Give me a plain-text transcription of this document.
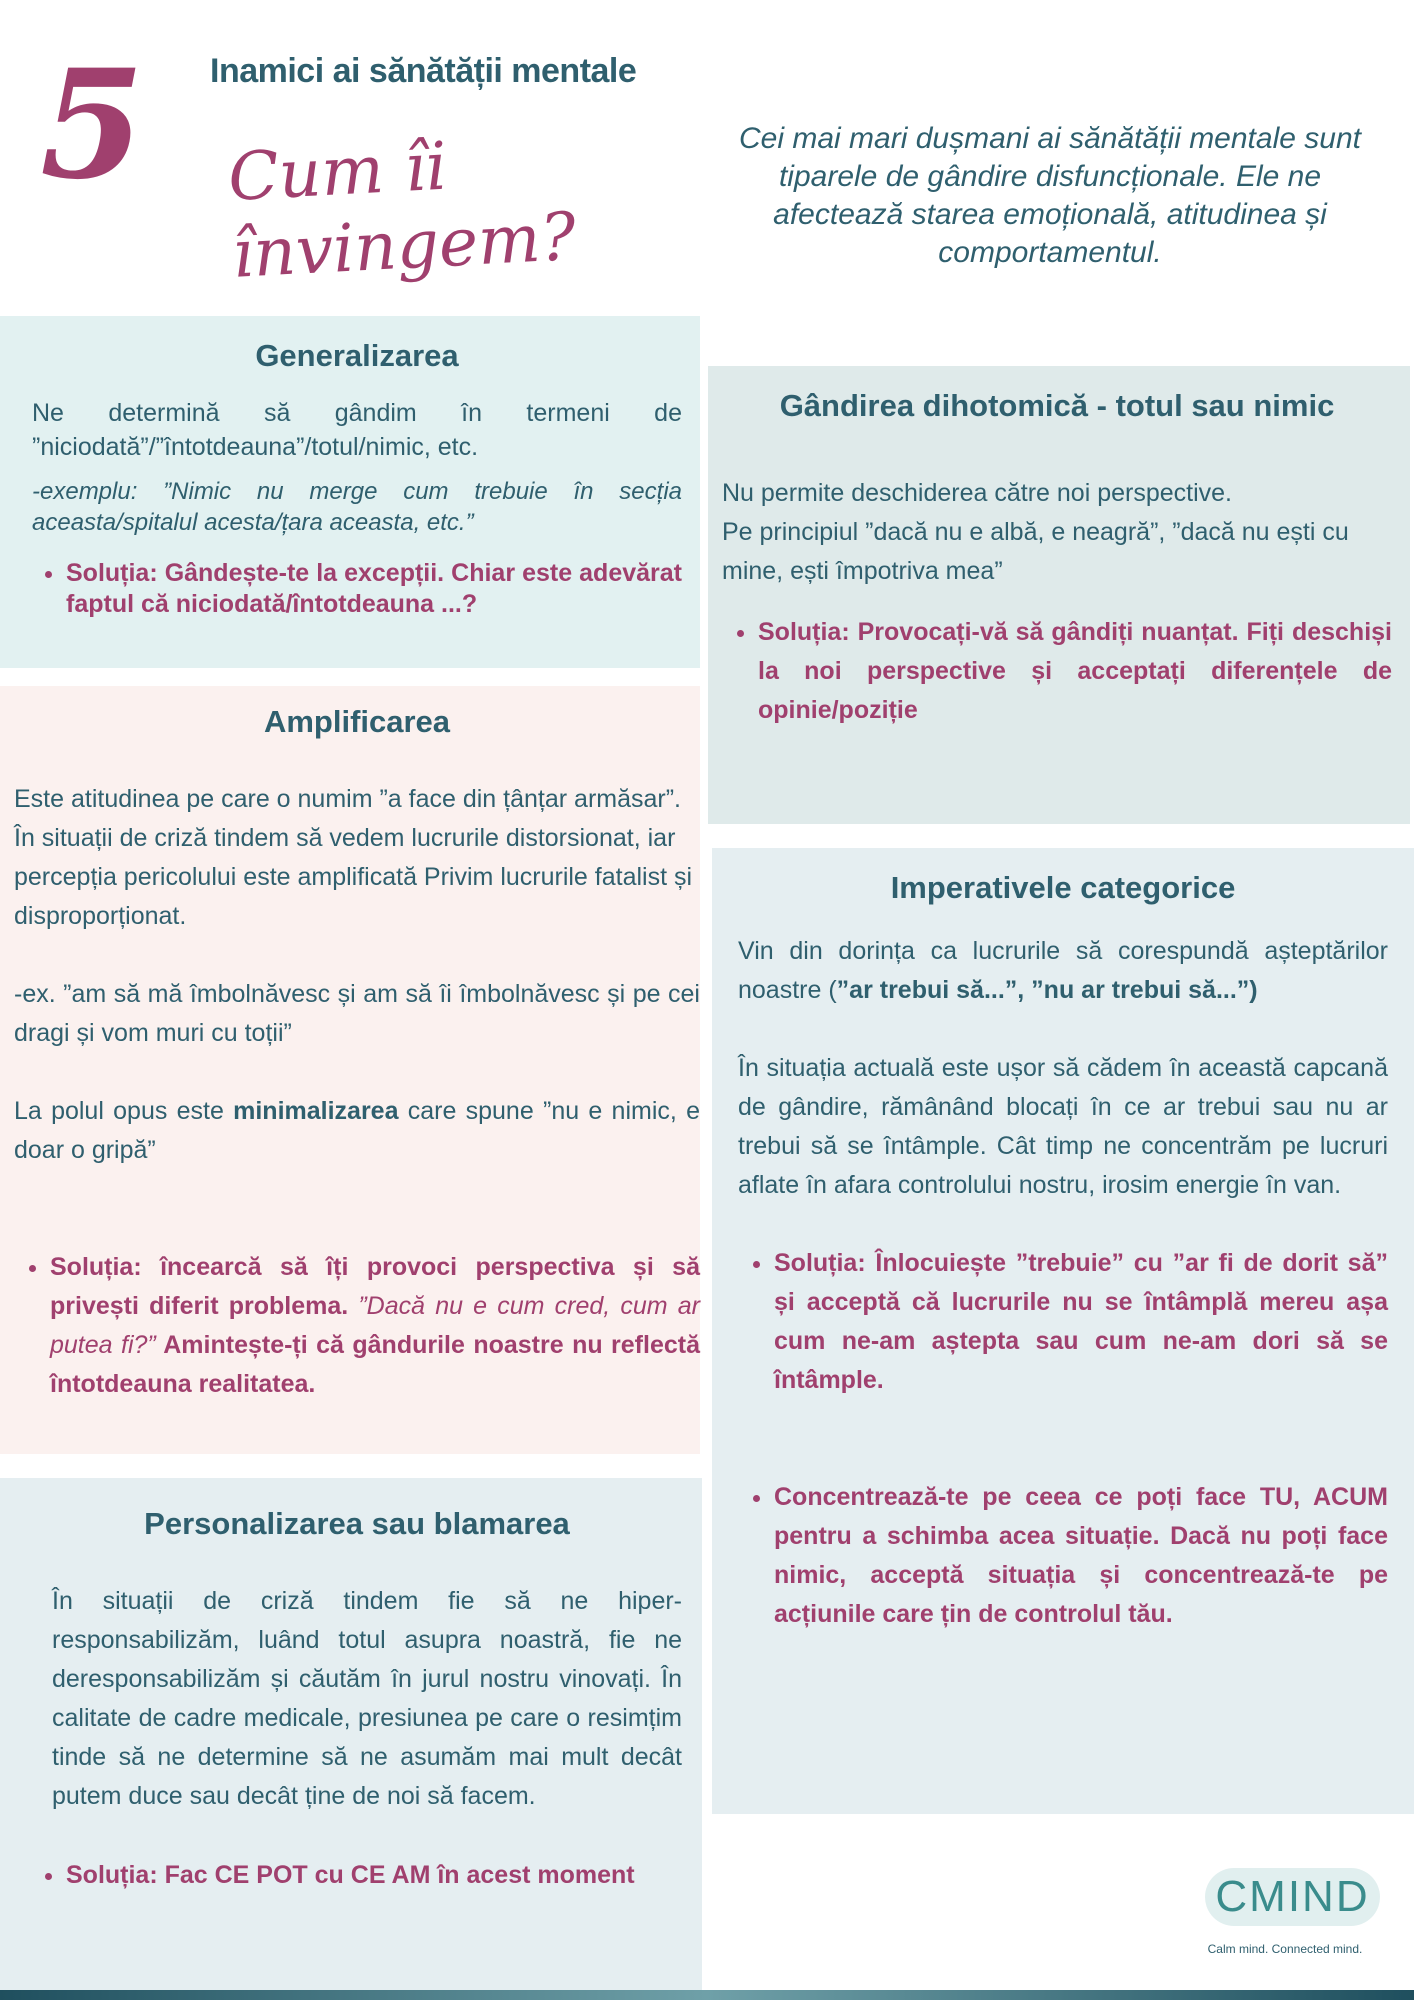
5 Inamici ai sănătății mentale
Cum îi învingem?
Cei mai mari dușmani ai sănătății mentale sunt tiparele de gândire disfuncționale. Ele ne afectează starea emoțională, atitudinea și comportamentul.
Generalizarea

Ne determină să gândim în termeni de ”niciodată”/”întotdeauna”/totul/nimic, etc.

-exemplu: ”Nimic nu merge cum trebuie în secția aceasta/spitalul acesta/țara aceasta, etc.”

• Soluția: Gândește-te la excepții. Chiar este adevărat faptul că niciodată/întotdeauna ...?
Gândirea dihotomică - totul sau nimic

Nu permite deschiderea către noi perspective.

Pe principiul ”dacă nu e albă, e neagră”, ”dacă nu ești cu mine, ești împotriva mea”

• Soluția: Provocați-vă să gândiți nuanțat. Fiți deschiși la noi perspective și acceptați diferențele de opinie/poziție
Amplificarea

Este atitudinea pe care o numim ”a face din țânțar armăsar”. În situații de criză tindem să vedem lucrurile distorsionat, iar percepția pericolului este amplificată Privim lucrurile fatalist și disproporționat.

-ex. ”am să mă îmbolnăvesc și am să îi îmbolnăvesc și pe cei dragi și vom muri cu toții”

La polul opus este minimalizarea care spune ”nu e nimic, e doar o gripă”

• Soluția: încearcă să îți provoci perspectiva și să privești diferit problema. ”Dacă nu e cum cred, cum ar putea fi?” Amintește-ți că gândurile noastre nu reflectă întotdeauna realitatea.
Imperativele categorice

Vin din dorința ca lucrurile să corespundă așteptărilor noastre (”ar trebui să...”, ”nu ar trebui să...”)

În situația actuală este ușor să cădem în această capcană de gândire, rămânând blocați în ce ar trebui sau nu ar trebui să se întâmple. Cât timp ne concentrăm pe lucruri aflate în afara controlului nostru, irosim energie în van.

• Soluția: Înlocuiește ”trebuie” cu ”ar fi de dorit să” și acceptă că lucrurile nu se întâmplă mereu așa cum ne-am aștepta sau cum ne-am dori să se întâmple.
• Concentrează-te pe ceea ce poți face TU, ACUM pentru a schimba acea situație. Dacă nu poți face nimic, acceptă situația și concentrează-te pe acțiunile care țin de controlul tău.
Personalizarea sau blamarea

În situații de criză tindem fie să ne hiper-responsabilizăm, luând totul asupra noastră, fie ne deresponsabilizăm și căutăm în jurul nostru vinovați. În calitate de cadre medicale, presiunea pe care o resimțim tinde să ne determine să ne asumăm mai mult decât putem duce sau decât ține de noi să facem.

• Soluția: Fac CE POT cu CE AM în acest moment	CMIND
Calm mind. Connected mind.
